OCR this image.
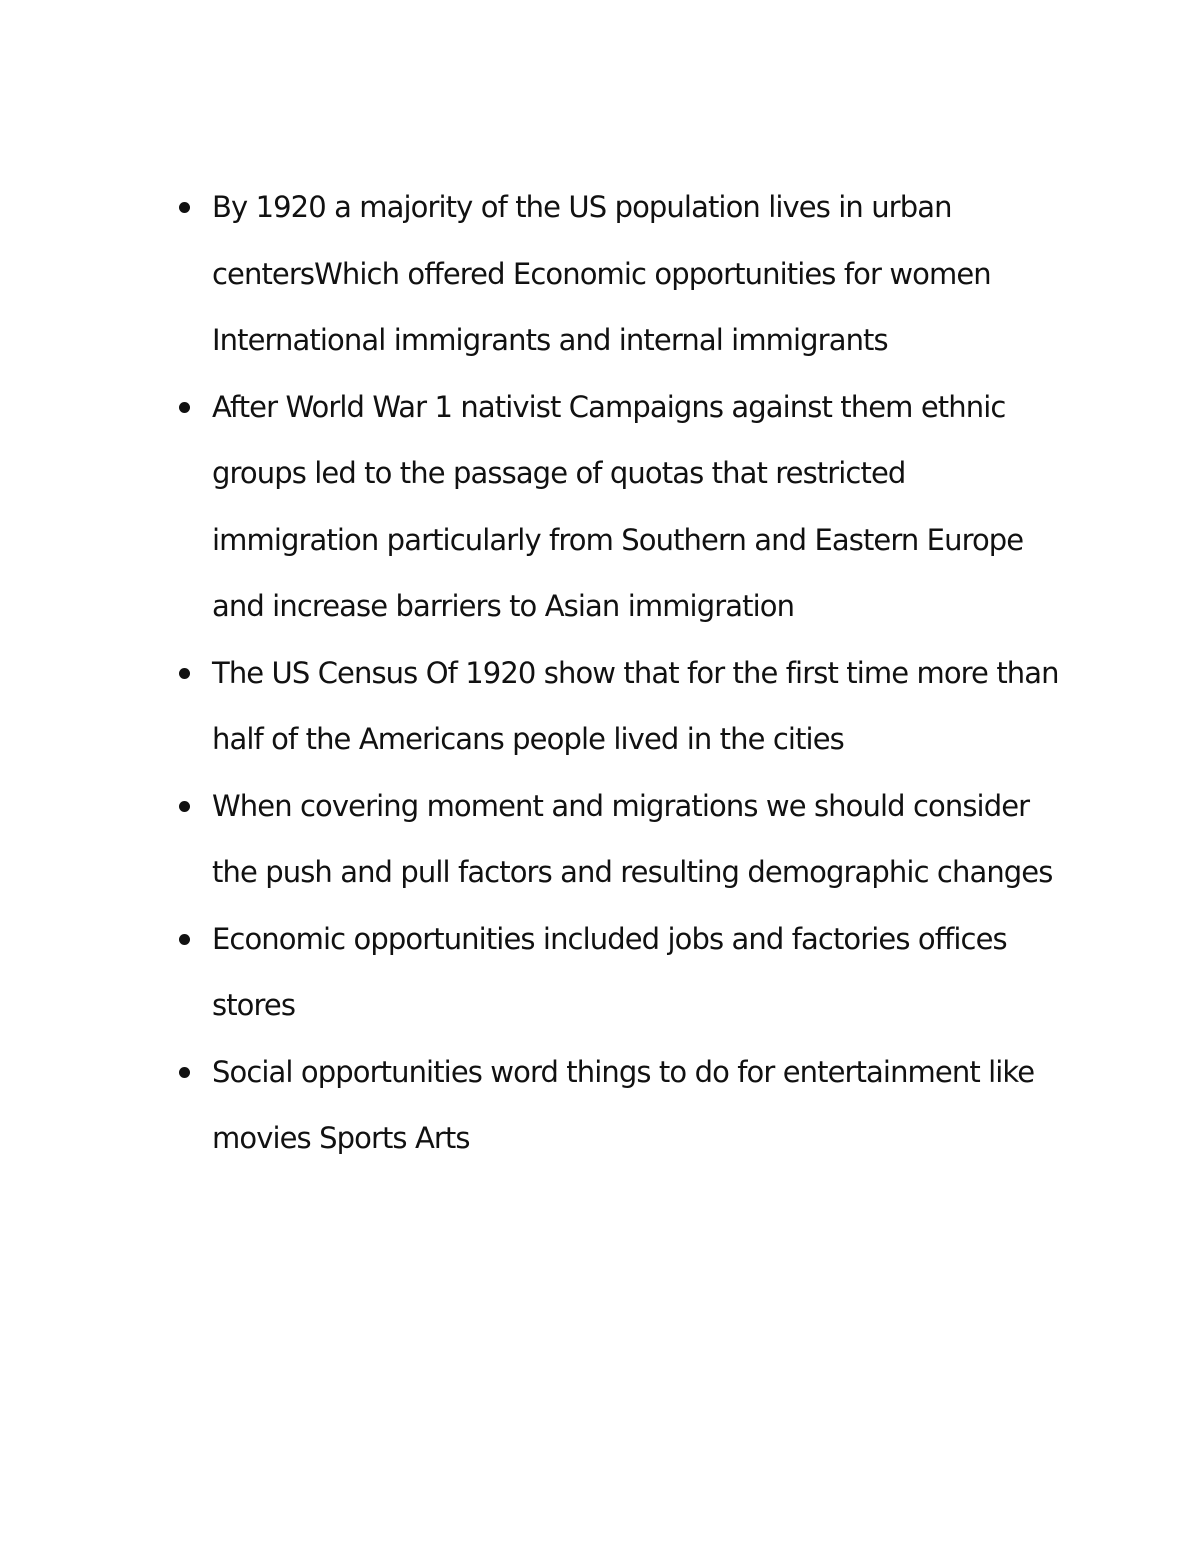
By 1920 a majority of the US population lives in urban centersWhich offered Economic opportunities for women International immigrants and internal immigrants
After World War 1 nativist Campaigns against them ethnic groups led to the passage of quotas that restricted immigration particularly from Southern and Eastern Europe and increase barriers to Asian immigration
The US Census Of 1920 show that for the first time more than half of the Americans people lived in the cities
When covering moment and migrations we should consider the push and pull factors and resulting demographic changes
Economic opportunities included jobs and factories offices stores
Social opportunities word things to do for entertainment like movies Sports Arts
